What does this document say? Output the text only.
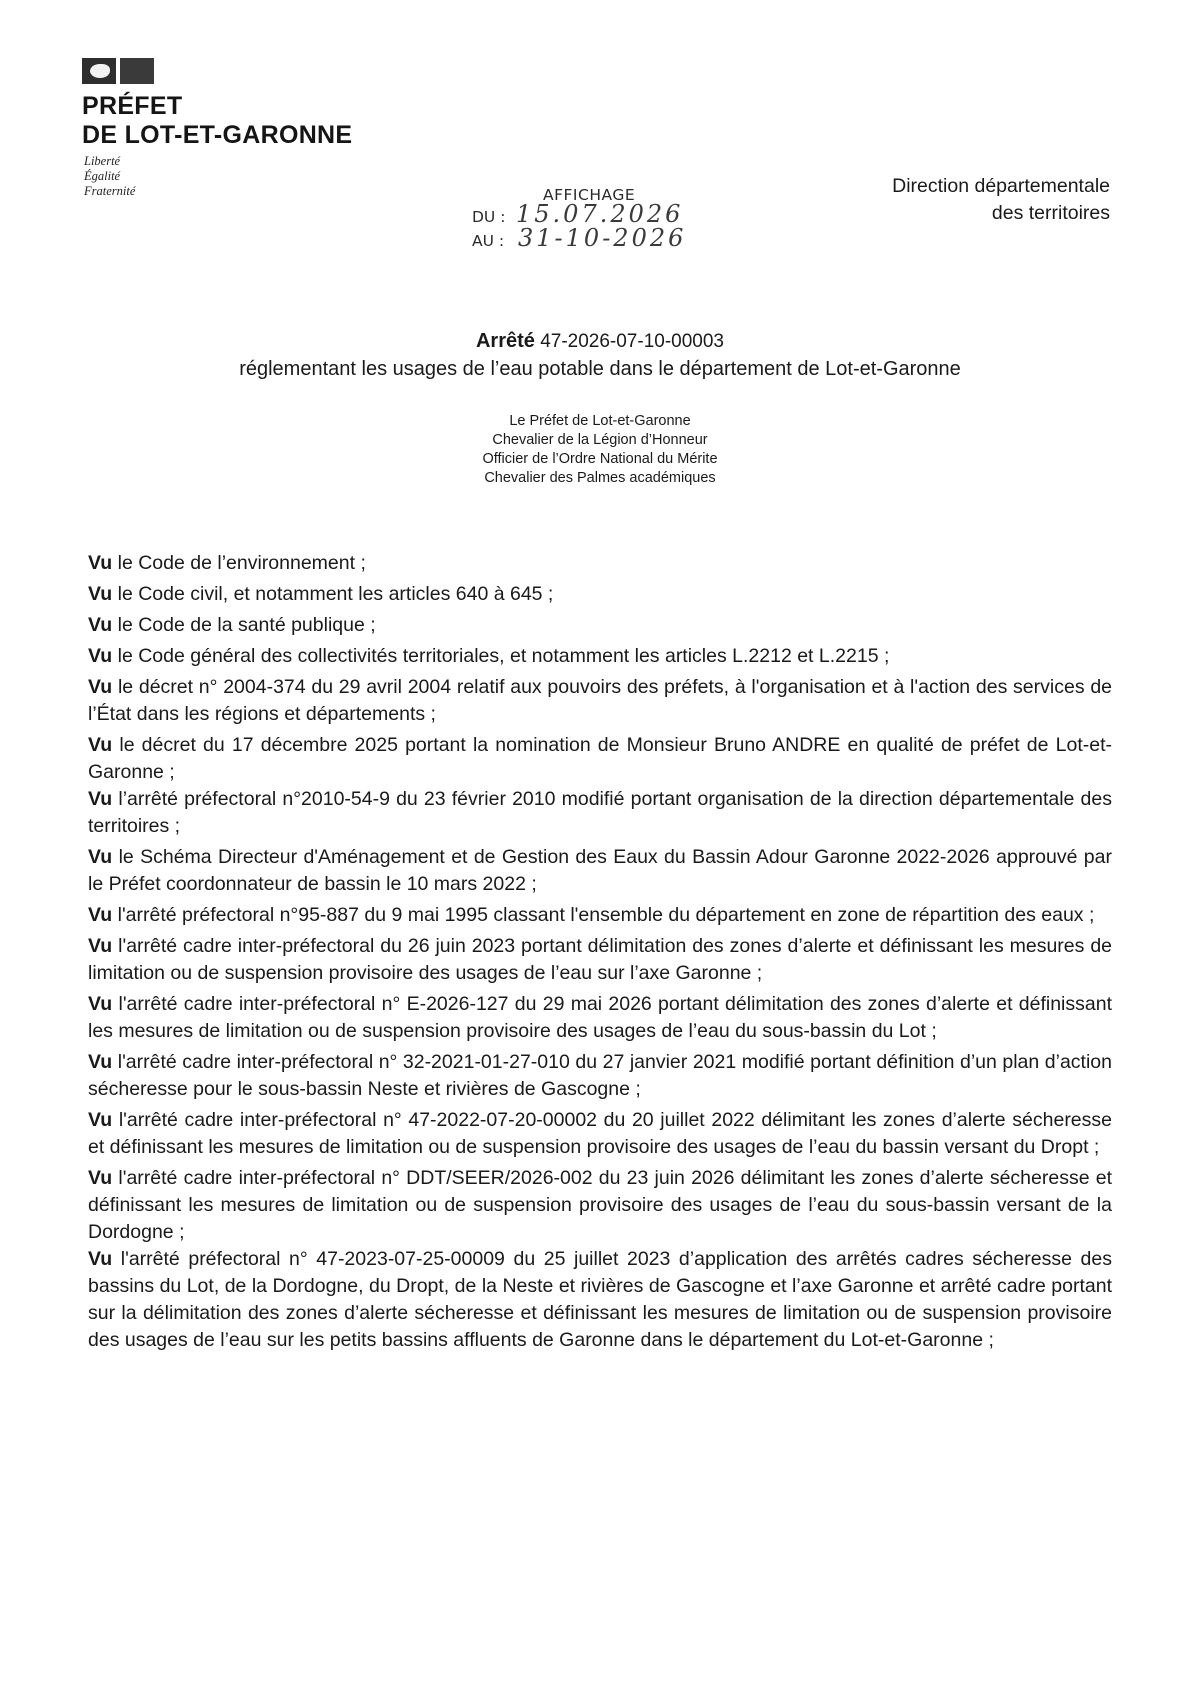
PRÉFET
DE LOT-ET-GARONNE
Liberté
Égalité
Fraternité	Direction départementale
des territoires
AFFICHAGE
DU : 15.07.2026
AU : 31-10-2026
Arrêté 47-2026-07-10-00003
réglementant les usages de l’eau potable dans le département de Lot-et-Garonne
Le Préfet de Lot-et-Garonne
Chevalier de la Légion d’Honneur
Officier de l’Ordre National du Mérite
Chevalier des Palmes académiques
Vu le Code de l’environnement ;
Vu le Code civil, et notamment les articles 640 à 645 ;
Vu le Code de la santé publique ;
Vu le Code général des collectivités territoriales, et notamment les articles L.2212 et L.2215 ;
Vu le décret n° 2004-374 du 29 avril 2004 relatif aux pouvoirs des préfets, à l'organisation et à l'action des services de l’État dans les régions et départements ;
Vu le décret du 17 décembre 2025 portant la nomination de Monsieur Bruno ANDRE en qualité de préfet de Lot-et-Garonne ;
Vu l’arrêté préfectoral n°2010-54-9 du 23 février 2010 modifié portant organisation de la direction départementale des territoires ;
Vu le Schéma Directeur d'Aménagement et de Gestion des Eaux du Bassin Adour Garonne 2022-2026 approuvé par le Préfet coordonnateur de bassin le 10 mars 2022 ;
Vu l'arrêté préfectoral n°95-887 du 9 mai 1995 classant l'ensemble du département en zone de répartition des eaux ;
Vu l'arrêté cadre inter-préfectoral du 26 juin 2023 portant délimitation des zones d’alerte et définissant les mesures de limitation ou de suspension provisoire des usages de l’eau sur l’axe Garonne ;
Vu l'arrêté cadre inter-préfectoral n° E-2026-127 du 29 mai 2026 portant délimitation des zones d’alerte et définissant les mesures de limitation ou de suspension provisoire des usages de l’eau du sous-bassin du Lot ;
Vu l'arrêté cadre inter-préfectoral n° 32-2021-01-27-010 du 27 janvier 2021 modifié portant définition d’un plan d’action sécheresse pour le sous-bassin Neste et rivières de Gascogne ;
Vu l'arrêté cadre inter-préfectoral n° 47-2022-07-20-00002 du 20 juillet 2022 délimitant les zones d’alerte sécheresse et définissant les mesures de limitation ou de suspension provisoire des usages de l’eau du bassin versant du Dropt ;
Vu l'arrêté cadre inter-préfectoral n° DDT/SEER/2026-002 du 23 juin 2026 délimitant les zones d’alerte sécheresse et définissant les mesures de limitation ou de suspension provisoire des usages de l’eau du sous-bassin versant de la Dordogne ;
Vu l'arrêté préfectoral n° 47-2023-07-25-00009 du 25 juillet 2023 d’application des arrêtés cadres sécheresse des bassins du Lot, de la Dordogne, du Dropt, de la Neste et rivières de Gascogne et l’axe Garonne et arrêté cadre portant sur la délimitation des zones d’alerte sécheresse et définissant les mesures de limitation ou de suspension provisoire des usages de l’eau sur les petits bassins affluents de Garonne dans le département du Lot-et-Garonne ;
